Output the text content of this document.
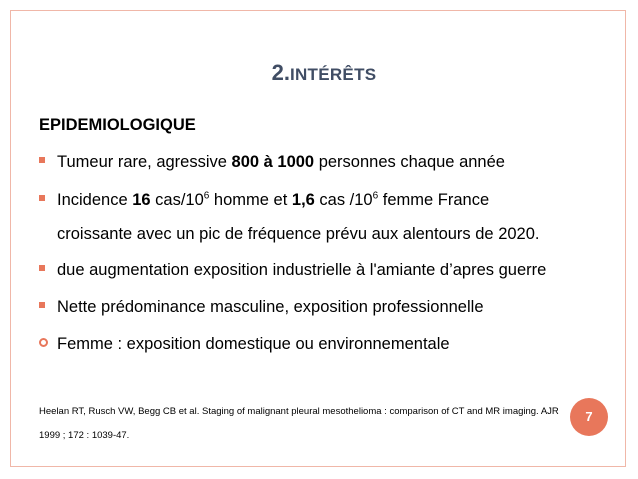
2.INTÉRÊTS
EPIDEMIOLOGIQUE
Tumeur rare, agressive 800 à 1000 personnes chaque année
Incidence 16 cas/$10^6$ homme et 1,6 cas $/10^6$ femme France
croissante avec un pic de fréquence prévu aux alentours de 2020.
due augmentation exposition industrielle à l'amiante d’apres guerre
Nette prédominance masculine, exposition professionnelle
Femme : exposition domestique ou environnementale
Heelan RT, Rusch VW, Begg CB et al. Staging of malignant pleural mesothelioma : comparison of CT and MR imaging. AJR
1999 ; 172 : 1039-47.
7
